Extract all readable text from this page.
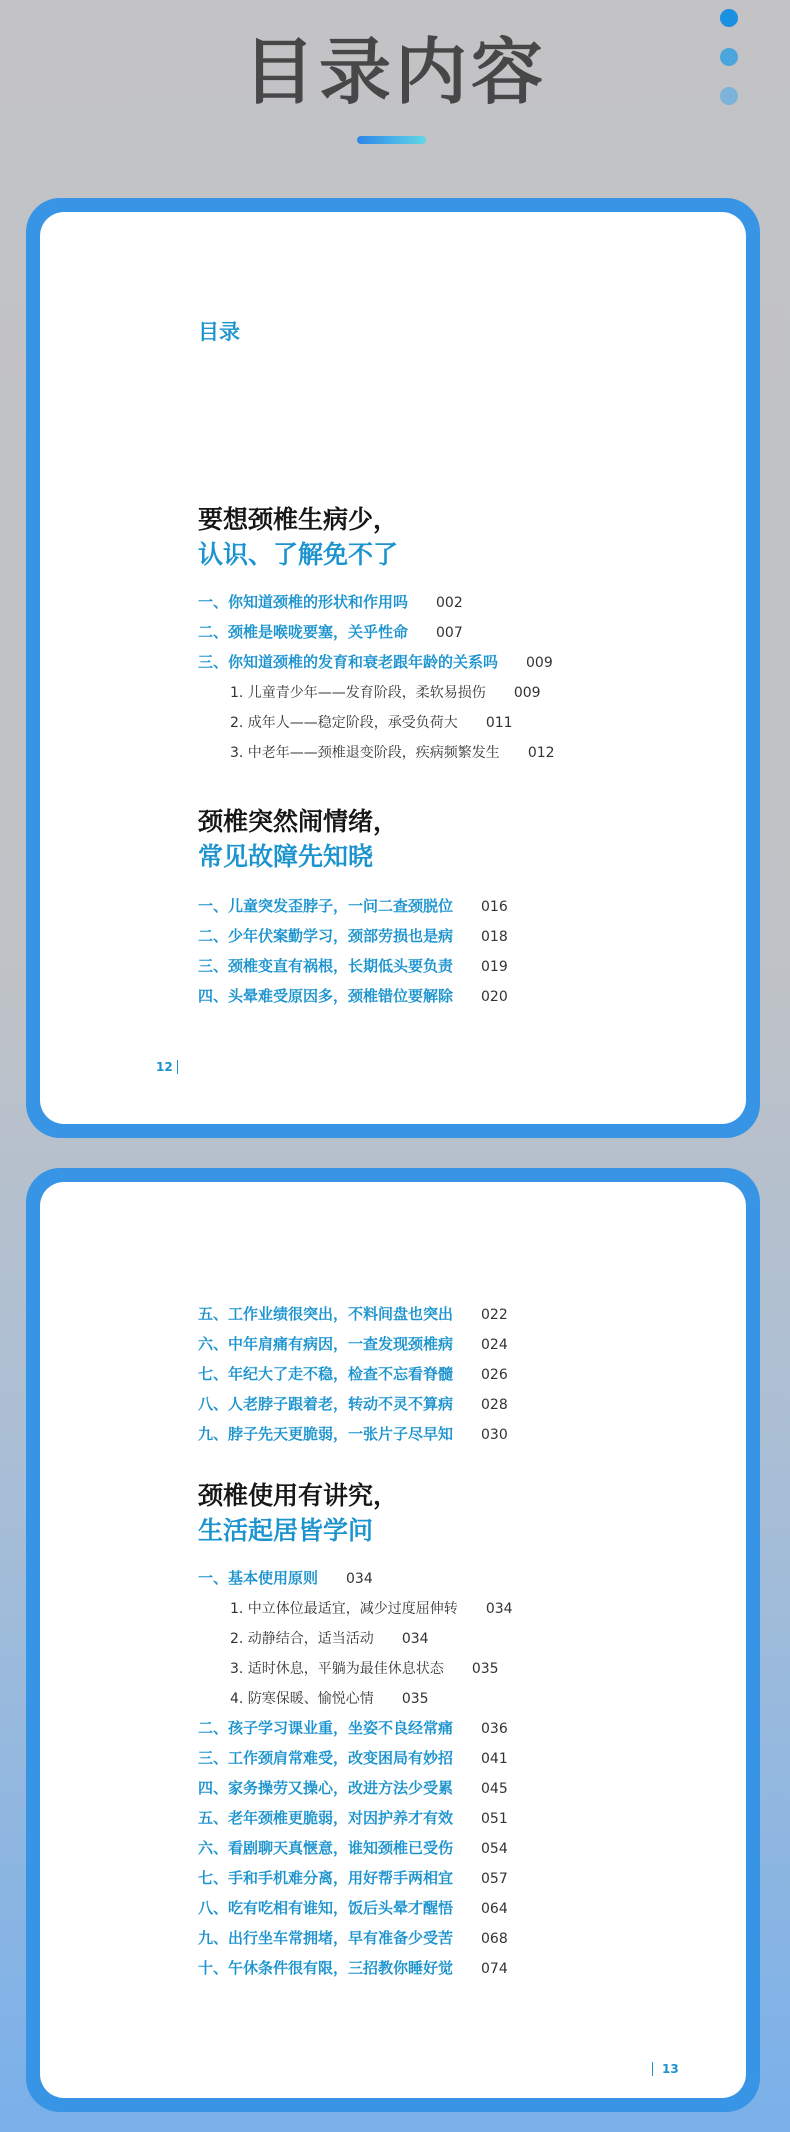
目录内容
目录
要想颈椎生病少，
认识、了解免不了
一、你知道颈椎的形状和作用吗 002
二、颈椎是喉咙要塞，关乎性命 007
三、你知道颈椎的发育和衰老跟年龄的关系吗 009
1. 儿童青少年——发育阶段，柔软易损伤 009
2. 成年人——稳定阶段，承受负荷大 011
3. 中老年——颈椎退变阶段，疾病频繁发生 012
颈椎突然闹情绪，
常见故障先知晓
一、儿童突发歪脖子，一问二查颈脱位 016
二、少年伏案勤学习，颈部劳损也是病 018
三、颈椎变直有祸根，长期低头要负责 019
四、头晕难受原因多，颈椎错位要解除 020
12
五、工作业绩很突出，不料间盘也突出 022
六、中年肩痛有病因，一查发现颈椎病 024
七、年纪大了走不稳，检查不忘看脊髓 026
八、人老脖子跟着老，转动不灵不算病 028
九、脖子先天更脆弱，一张片子尽早知 030
颈椎使用有讲究，
生活起居皆学问
一、基本使用原则 034
1. 中立体位最适宜，减少过度屈伸转 034
2. 动静结合，适当活动 034
3. 适时休息，平躺为最佳休息状态 035
4. 防寒保暖、愉悦心情 035
二、孩子学习课业重，坐姿不良经常痛 036
三、工作颈肩常难受，改变困局有妙招 041
四、家务操劳又操心，改进方法少受累 045
五、老年颈椎更脆弱，对因护养才有效 051
六、看剧聊天真惬意，谁知颈椎已受伤 054
七、手和手机难分离，用好帮手两相宜 057
八、吃有吃相有谁知，饭后头晕才醒悟 064
九、出行坐车常拥堵，早有准备少受苦 068
十、午休条件很有限，三招教你睡好觉 074
13
